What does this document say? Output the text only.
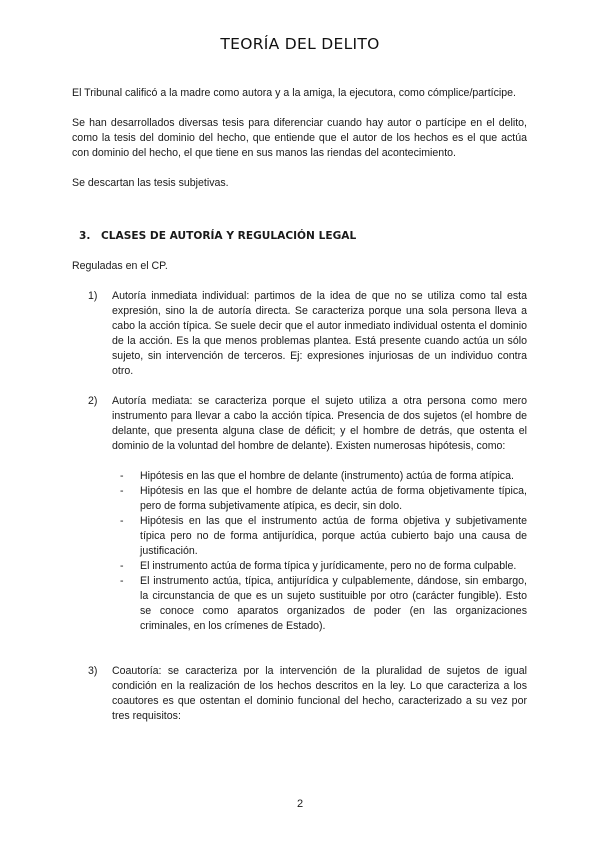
TEORÍA DEL DELITO

El Tribunal calificó a la madre como autora y a la amiga, la ejecutora, como cómplice/partícipe.

Se han desarrollados diversas tesis para diferenciar cuando hay autor o partícipe en el delito, como la tesis del dominio del hecho, que entiende que el autor de los hechos es el que actúa con dominio del hecho, el que tiene en sus manos las riendas del acontecimiento.

Se descartan las tesis subjetivas.

3. CLASES DE AUTORÍA Y REGULACIÓN LEGAL

Reguladas en el CP.

1)	Autoría inmediata individual: partimos de la idea de que no se utiliza como tal esta expresión, sino la de autoría directa. Se caracteriza porque una sola persona lleva a cabo la acción típica. Se suele decir que el autor inmediato individual ostenta el dominio de la acción. Es la que menos problemas plantea. Está presente cuando actúa un sólo sujeto, sin intervención de terceros. Ej: expresiones injuriosas de un individuo contra otro.

2)	Autoría mediata: se caracteriza porque el sujeto utiliza a otra persona como mero instrumento para llevar a cabo la acción típica. Presencia de dos sujetos (el hombre de delante, que presenta alguna clase de déficit; y el hombre de detrás, que ostenta el dominio de la voluntad del hombre de delante). Existen numerosas hipótesis, como:

-	Hipótesis en las que el hombre de delante (instrumento) actúa de forma atípica.
-	Hipótesis en las que el hombre de delante actúa de forma objetivamente típica, pero de forma subjetivamente atípica, es decir, sin dolo.
-	Hipótesis en las que el instrumento actúa de forma objetiva y subjetivamente típica pero no de forma antijurídica, porque actúa cubierto bajo una causa de justificación.
-	El instrumento actúa de forma típica y jurídicamente, pero no de forma culpable.
-	El instrumento actúa, típica, antijurídica y culpablemente, dándose, sin embargo, la circunstancia de que es un sujeto sustituible por otro (carácter fungible). Esto se conoce como aparatos organizados de poder (en las organizaciones criminales, en los crímenes de Estado).
3)	Coautoría: se caracteriza por la intervención de la pluralidad de sujetos de igual condición en la realización de los hechos descritos en la ley. Lo que caracteriza a los coautores es que ostentan el dominio funcional del hecho, caracterizado a su vez por tres requisitos:

2
